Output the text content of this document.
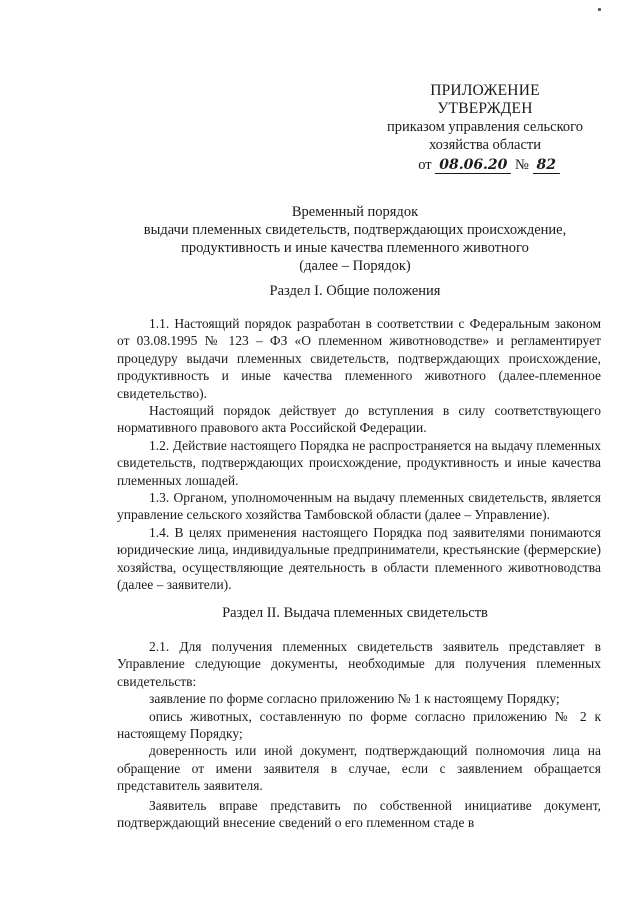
ПРИЛОЖЕНИЕ
УТВЕРЖДЕН
приказом управления сельского
хозяйства области
от 08.06.20 № 82
Временный порядок
выдачи племенных свидетельств, подтверждающих происхождение,
продуктивность и иные качества племенного животного
(далее – Порядок)
Раздел I. Общие положения

1.1. Настоящий порядок разработан в соответствии с Федеральным законом от 03.08.1995 № 123 – ФЗ «О племенном животноводстве» и регламентирует процедуру выдачи племенных свидетельств, подтверждающих происхождение, продуктивность и иные качества племенного животного (далее-племенное свидетельство).

Настоящий порядок действует до вступления в силу соответствующего нормативного правового акта Российской Федерации.

1.2. Действие настоящего Порядка не распространяется на выдачу племенных свидетельств, подтверждающих происхождение, продуктивность и иные качества племенных лошадей.

1.3. Органом, уполномоченным на выдачу племенных свидетельств, является управление сельского хозяйства Тамбовской области (далее – Управление).

1.4. В целях применения настоящего Порядка под заявителями понимаются юридические лица, индивидуальные предприниматели, крестьянские (фермерские) хозяйства, осуществляющие деятельность в области племенного животноводства (далее – заявители).

Раздел II. Выдача племенных свидетельств

2.1. Для получения племенных свидетельств заявитель представляет в Управление следующие документы, необходимые для получения племенных свидетельств:

заявление по форме согласно приложению № 1 к настоящему Порядку;

опись животных, составленную по форме согласно приложению № 2 к настоящему Порядку;

доверенность или иной документ, подтверждающий полномочия лица на обращение от имени заявителя в случае, если с заявлением обращается представитель заявителя.

Заявитель вправе представить по собственной инициативе документ, подтверждающий внесение сведений о его племенном стаде в
